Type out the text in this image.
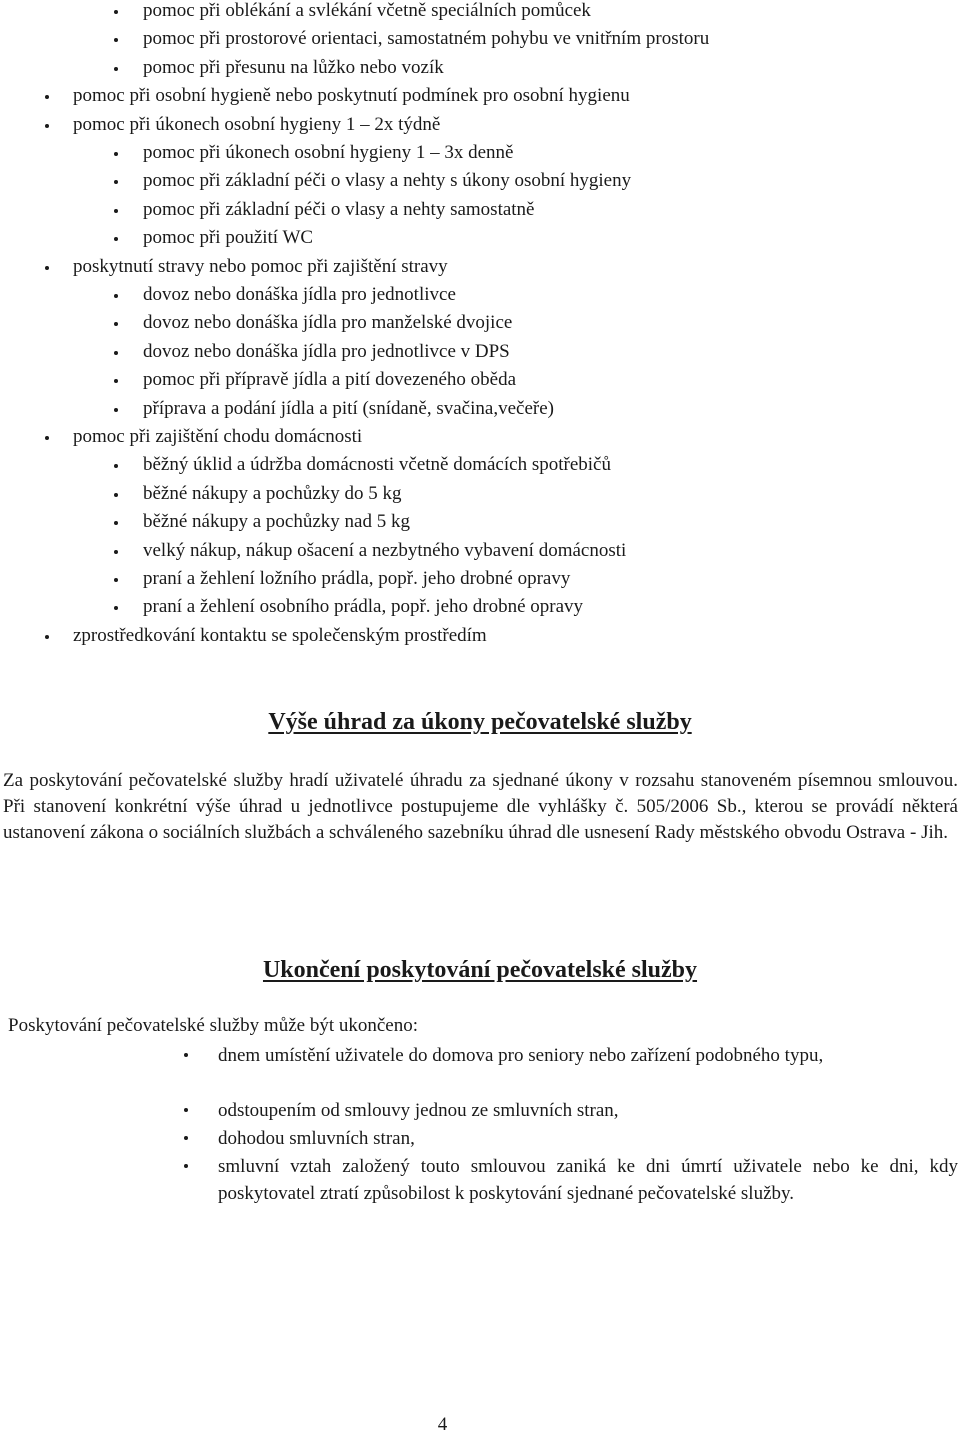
pomoc při oblékání a svlékání včetně speciálních pomůcek
pomoc při prostorové orientaci, samostatném pohybu ve vnitřním prostoru
pomoc při přesunu na lůžko nebo vozík
pomoc při osobní hygieně nebo poskytnutí podmínek pro osobní hygienu
pomoc při úkonech osobní hygieny 1 – 2x týdně
pomoc při úkonech osobní hygieny 1 – 3x denně
pomoc při základní péči o vlasy a nehty s úkony osobní hygieny
pomoc při základní péči o vlasy a nehty samostatně
pomoc při použití WC
poskytnutí stravy nebo pomoc při zajištění stravy
dovoz nebo donáška jídla pro jednotlivce
dovoz nebo donáška jídla pro manželské dvojice
dovoz nebo donáška jídla pro jednotlivce v DPS
pomoc při přípravě jídla a pití dovezeného oběda
příprava a podání jídla a pití (snídaně, svačina,večeře)
pomoc při zajištění chodu domácnosti
běžný úklid a údržba domácnosti včetně domácích spotřebičů
běžné nákupy a pochůzky do 5 kg
běžné nákupy a pochůzky nad 5 kg
velký nákup, nákup ošacení a nezbytného vybavení domácnosti
praní a žehlení ložního prádla, popř. jeho drobné opravy
praní a žehlení osobního prádla, popř. jeho drobné opravy
zprostředkování kontaktu se společenským prostředím
Výše úhrad za úkony pečovatelské služby
Za poskytování pečovatelské služby hradí uživatelé úhradu za sjednané úkony v rozsahu stanoveném písemnou smlouvou. Při stanovení konkrétní výše úhrad u jednotlivce postupujeme dle vyhlášky č. 505/2006 Sb., kterou se provádí některá ustanovení zákona o sociálních službách a schváleného sazebníku úhrad dle usnesení Rady městského obvodu Ostrava - Jih.
Ukončení poskytování pečovatelské služby
Poskytování pečovatelské služby může být ukončeno:
dnem umístění uživatele do domova pro seniory nebo zařízení podobného typu,
odstoupením od smlouvy jednou ze smluvních stran,
dohodou smluvních stran,
smluvní vztah založený touto smlouvou zaniká ke dni úmrtí uživatele nebo ke dni, kdy poskytovatel ztratí způsobilost k poskytování sjednané pečovatelské služby.
4
